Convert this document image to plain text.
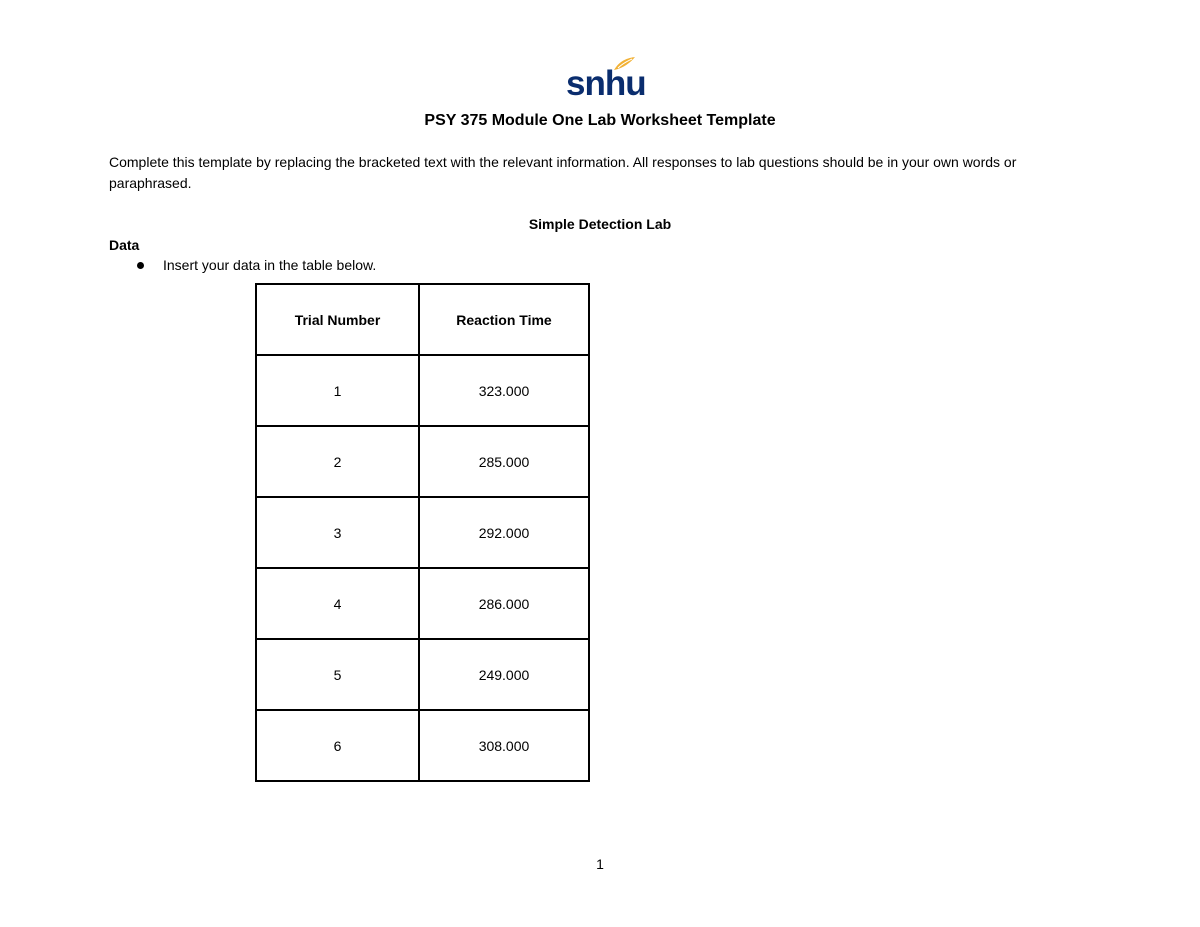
snhu
PSY 375 Module One Lab Worksheet Template
Complete this template by replacing the bracketed text with the relevant information. All responses to lab questions should be in your own words or paraphrased.
Simple Detection Lab
Data
Insert your data in the table below.
Trial Number	Reaction Time
1	323.000
2	285.000
3	292.000
4	286.000
5	249.000
6	308.000
1
